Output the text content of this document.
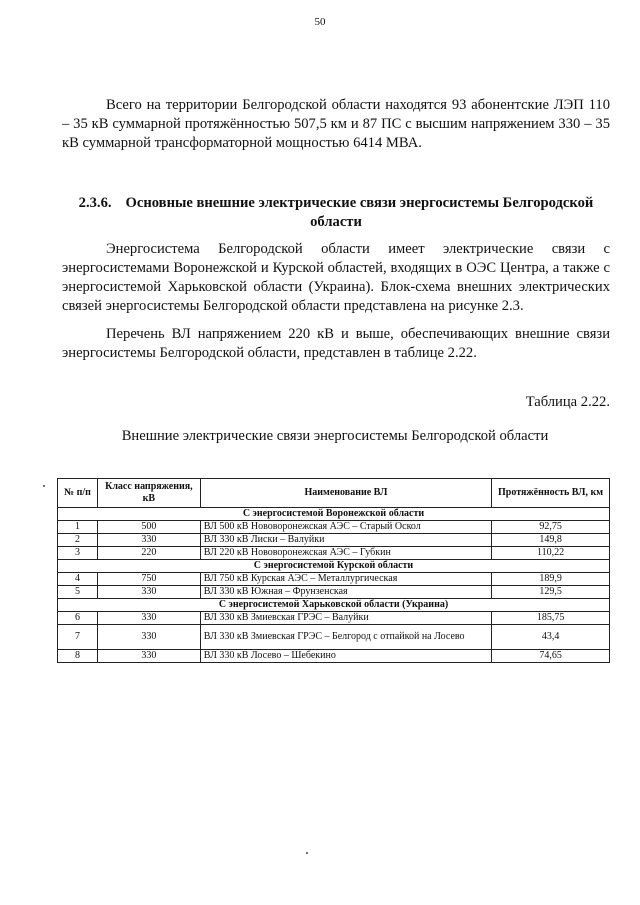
50

Всего на территории Белгородской области находятся 93 абонентские ЛЭП 110 – 35 кВ суммарной протяжённостью 507,5 км и 87 ПС с высшим напряжением 330 – 35 кВ суммарной трансформаторной мощностью 6414 МВА.

2.3.6. Основные внешние электрические связи энергосистемы Белгородской области

Энергосистема Белгородской области имеет электрические связи с энергосистемами Воронежской и Курской областей, входящих в ОЭС Центра, а также с энергосистемой Харьковской области (Украина). Блок-схема внешних электрических связей энергосистемы Белгородской области представлена на рисунке 2.3.

Перечень ВЛ напряжением 220 кВ и выше, обеспечивающих внешние связи энергосистемы Белгородской области, представлен в таблице 2.22.

Таблица 2.22.
Внешние электрические связи энергосистемы Белгородской области
№ п/п	Класс напряжения, кВ	Наименование ВЛ	Протяжённость ВЛ, км
С энергосистемой Воронежской области			
1	500	ВЛ 500 кВ Нововоронежская АЭС – Старый Оскол	92,75
2	330	ВЛ 330 кВ Лиски – Валуйки	149,8
3	220	ВЛ 220 кВ Нововоронежская АЭС – Губкин	110,22
С энергосистемой Курской области			
4	750	ВЛ 750 кВ Курская АЭС – Металлургическая	189,9
5	330	ВЛ 330 кВ Южная – Фрунзенская	129,5
С энергосистемой Харьковской области (Украина)			
6	330	ВЛ 330 кВ Змиевская ГРЭС – Валуйки	185,75
7	330	ВЛ 330 кВ Змиевская ГРЭС – Белгород с отпайкой на Лосево	43,4
8	330	ВЛ 330 кВ Лосево – Шебекино	74,65
